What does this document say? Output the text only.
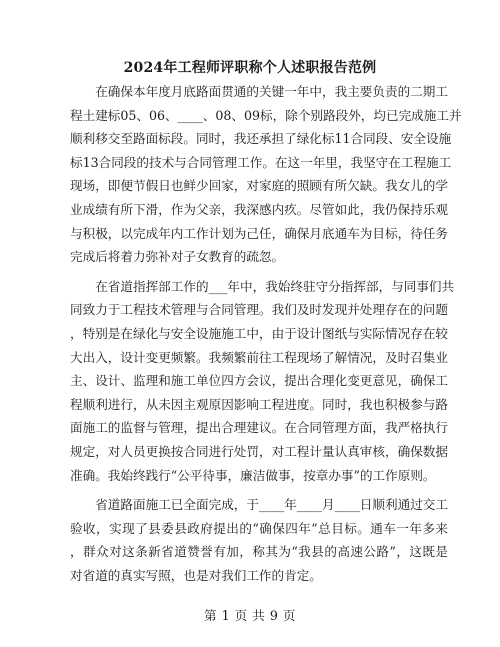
2024年工程师评职称个人述职报告范例
　　在确保本年度月底路面贯通的关键一年中，我主要负责的二期工
程土建标05、06、____、08、09标，除个别路段外，均已完成施工并
顺利移交至路面标段。同时，我还承担了绿化标11合同段、安全设施
标13合同段的技术与合同管理工作。在这一年里，我坚守在工程施工
现场，即便节假日也鲜少回家，对家庭的照顾有所欠缺。我女儿的学
业成绩有所下滑，作为父亲，我深感内疚。尽管如此，我仍保持乐观
与积极，以完成年内工作计划为己任，确保月底通车为目标，待任务
完成后将着力弥补对子女教育的疏忽。
　　在省道指挥部工作的___年中，我始终驻守分指挥部，与同事们共
同致力于工程技术管理与合同管理。我们及时发现并处理存在的问题
，特别是在绿化与安全设施施工中，由于设计图纸与实际情况存在较
大出入，设计变更频繁。我频繁前往工程现场了解情况，及时召集业
主、设计、监理和施工单位四方会议，提出合理化变更意见，确保工
程顺利进行，从未因主观原因影响工程进度。同时，我也积极参与路
面施工的监督与管理，提出合理建议。在合同管理方面，我严格执行
规定，对人员更换按合同进行处罚，对工程计量认真审核，确保数据
准确。我始终践行“公平待事，廉洁做事，按章办事”的工作原则。
　　省道路面施工已全面完成，于____年____月____日顺利通过交工
验收，实现了县委县政府提出的“确保四年”总目标。通车一年多来
，群众对这条新省道赞誉有加，称其为“我县的高速公路”，这既是
对省道的真实写照，也是对我们工作的肯定。
第 1 页 共 9 页
